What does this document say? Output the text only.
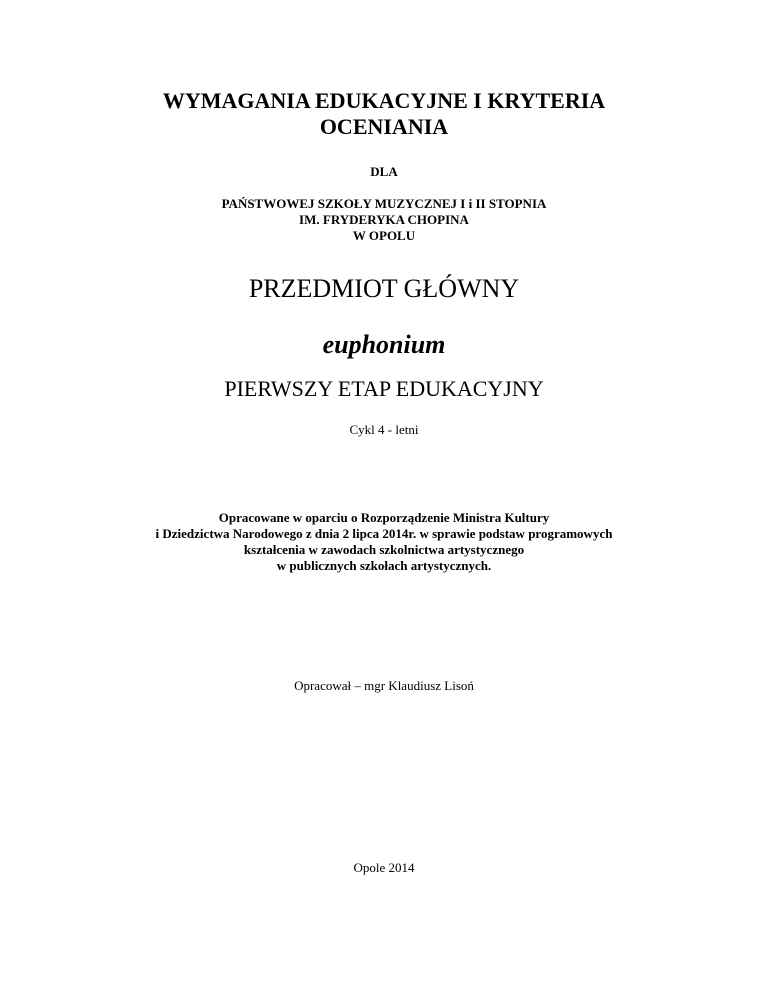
WYMAGANIA EDUKACYJNE I KRYTERIA
OCENIANIA
DLA
PAŃSTWOWEJ SZKOŁY MUZYCZNEJ I i II STOPNIA
IM. FRYDERYKA CHOPINA
W OPOLU
PRZEDMIOT GŁÓWNY
euphonium
PIERWSZY ETAP EDUKACYJNY
Cykl 4 - letni
Opracowane w oparciu o Rozporządzenie Ministra Kultury
i Dziedzictwa Narodowego z dnia 2 lipca 2014r. w sprawie podstaw programowych
kształcenia w zawodach szkolnictwa artystycznego
w publicznych szkołach artystycznych.
Opracował – mgr Klaudiusz Lisoń
Opole 2014
